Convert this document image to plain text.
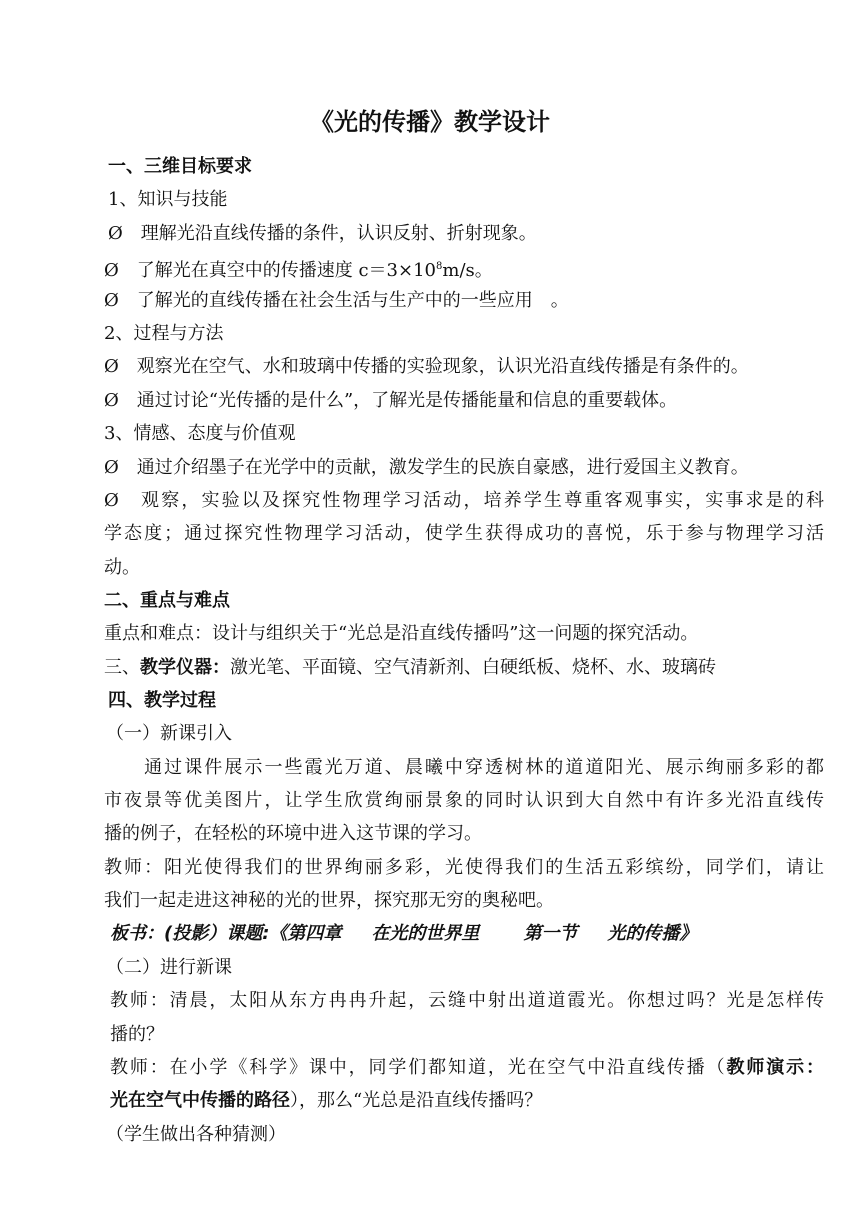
《光的传播》教学设计
一、三维目标要求
1、知识与技能
Ø　理解光沿直线传播的条件，认识反射、折射现象。
Ø　了解光在真空中的传播速度 $c=3\times 10^8m/s$。
Ø　了解光的直线传播在社会生活与生产中的一些应用　。
2、过程与方法
Ø　观察光在空气、水和玻璃中传播的实验现象，认识光沿直线传播是有条件的。
Ø　通过讨论“光传播的是什么”，了解光是传播能量和信息的重要载体。
3、情感、态度与价值观
Ø　通过介绍墨子在光学中的贡献，激发学生的民族自豪感，进行爱国主义教育。
Ø　观察，实验以及探究性物理学习活动，培养学生尊重客观事实，实事求是的科
学态度；通过探究性物理学习活动，使学生获得成功的喜悦，乐于参与物理学习活
动。
二、重点与难点
重点和难点：设计与组织关于“光总是沿直线传播吗”这一问题的探究活动。
三、教学仪器：激光笔、平面镜、空气清新剂、白硬纸板、烧杯、水、玻璃砖
四、教学过程
（一）新课引入
　　通过课件展示一些霞光万道、晨曦中穿透树林的道道阳光、展示绚丽多彩的都
市夜景等优美图片，让学生欣赏绚丽景象的同时认识到大自然中有许多光沿直线传
播的例子，在轻松的环境中进入这节课的学习。
教师：阳光使得我们的世界绚丽多彩，光使得我们的生活五彩缤纷，同学们，请让
我们一起走进这神秘的光的世界，探究那无穷的奥秘吧。
板书：(投影）课题:《第四章 在光的世界里 第一节 光的传播》
（二）进行新课
教师：清晨，太阳从东方冉冉升起，云缝中射出道道霞光。你想过吗？光是怎样传
播的？
教师：在小学《科学》课中，同学们都知道，光在空气中沿直线传播（教师演示：
光在空气中传播的路径），那么“光总是沿直线传播吗？
（学生做出各种猜测）
